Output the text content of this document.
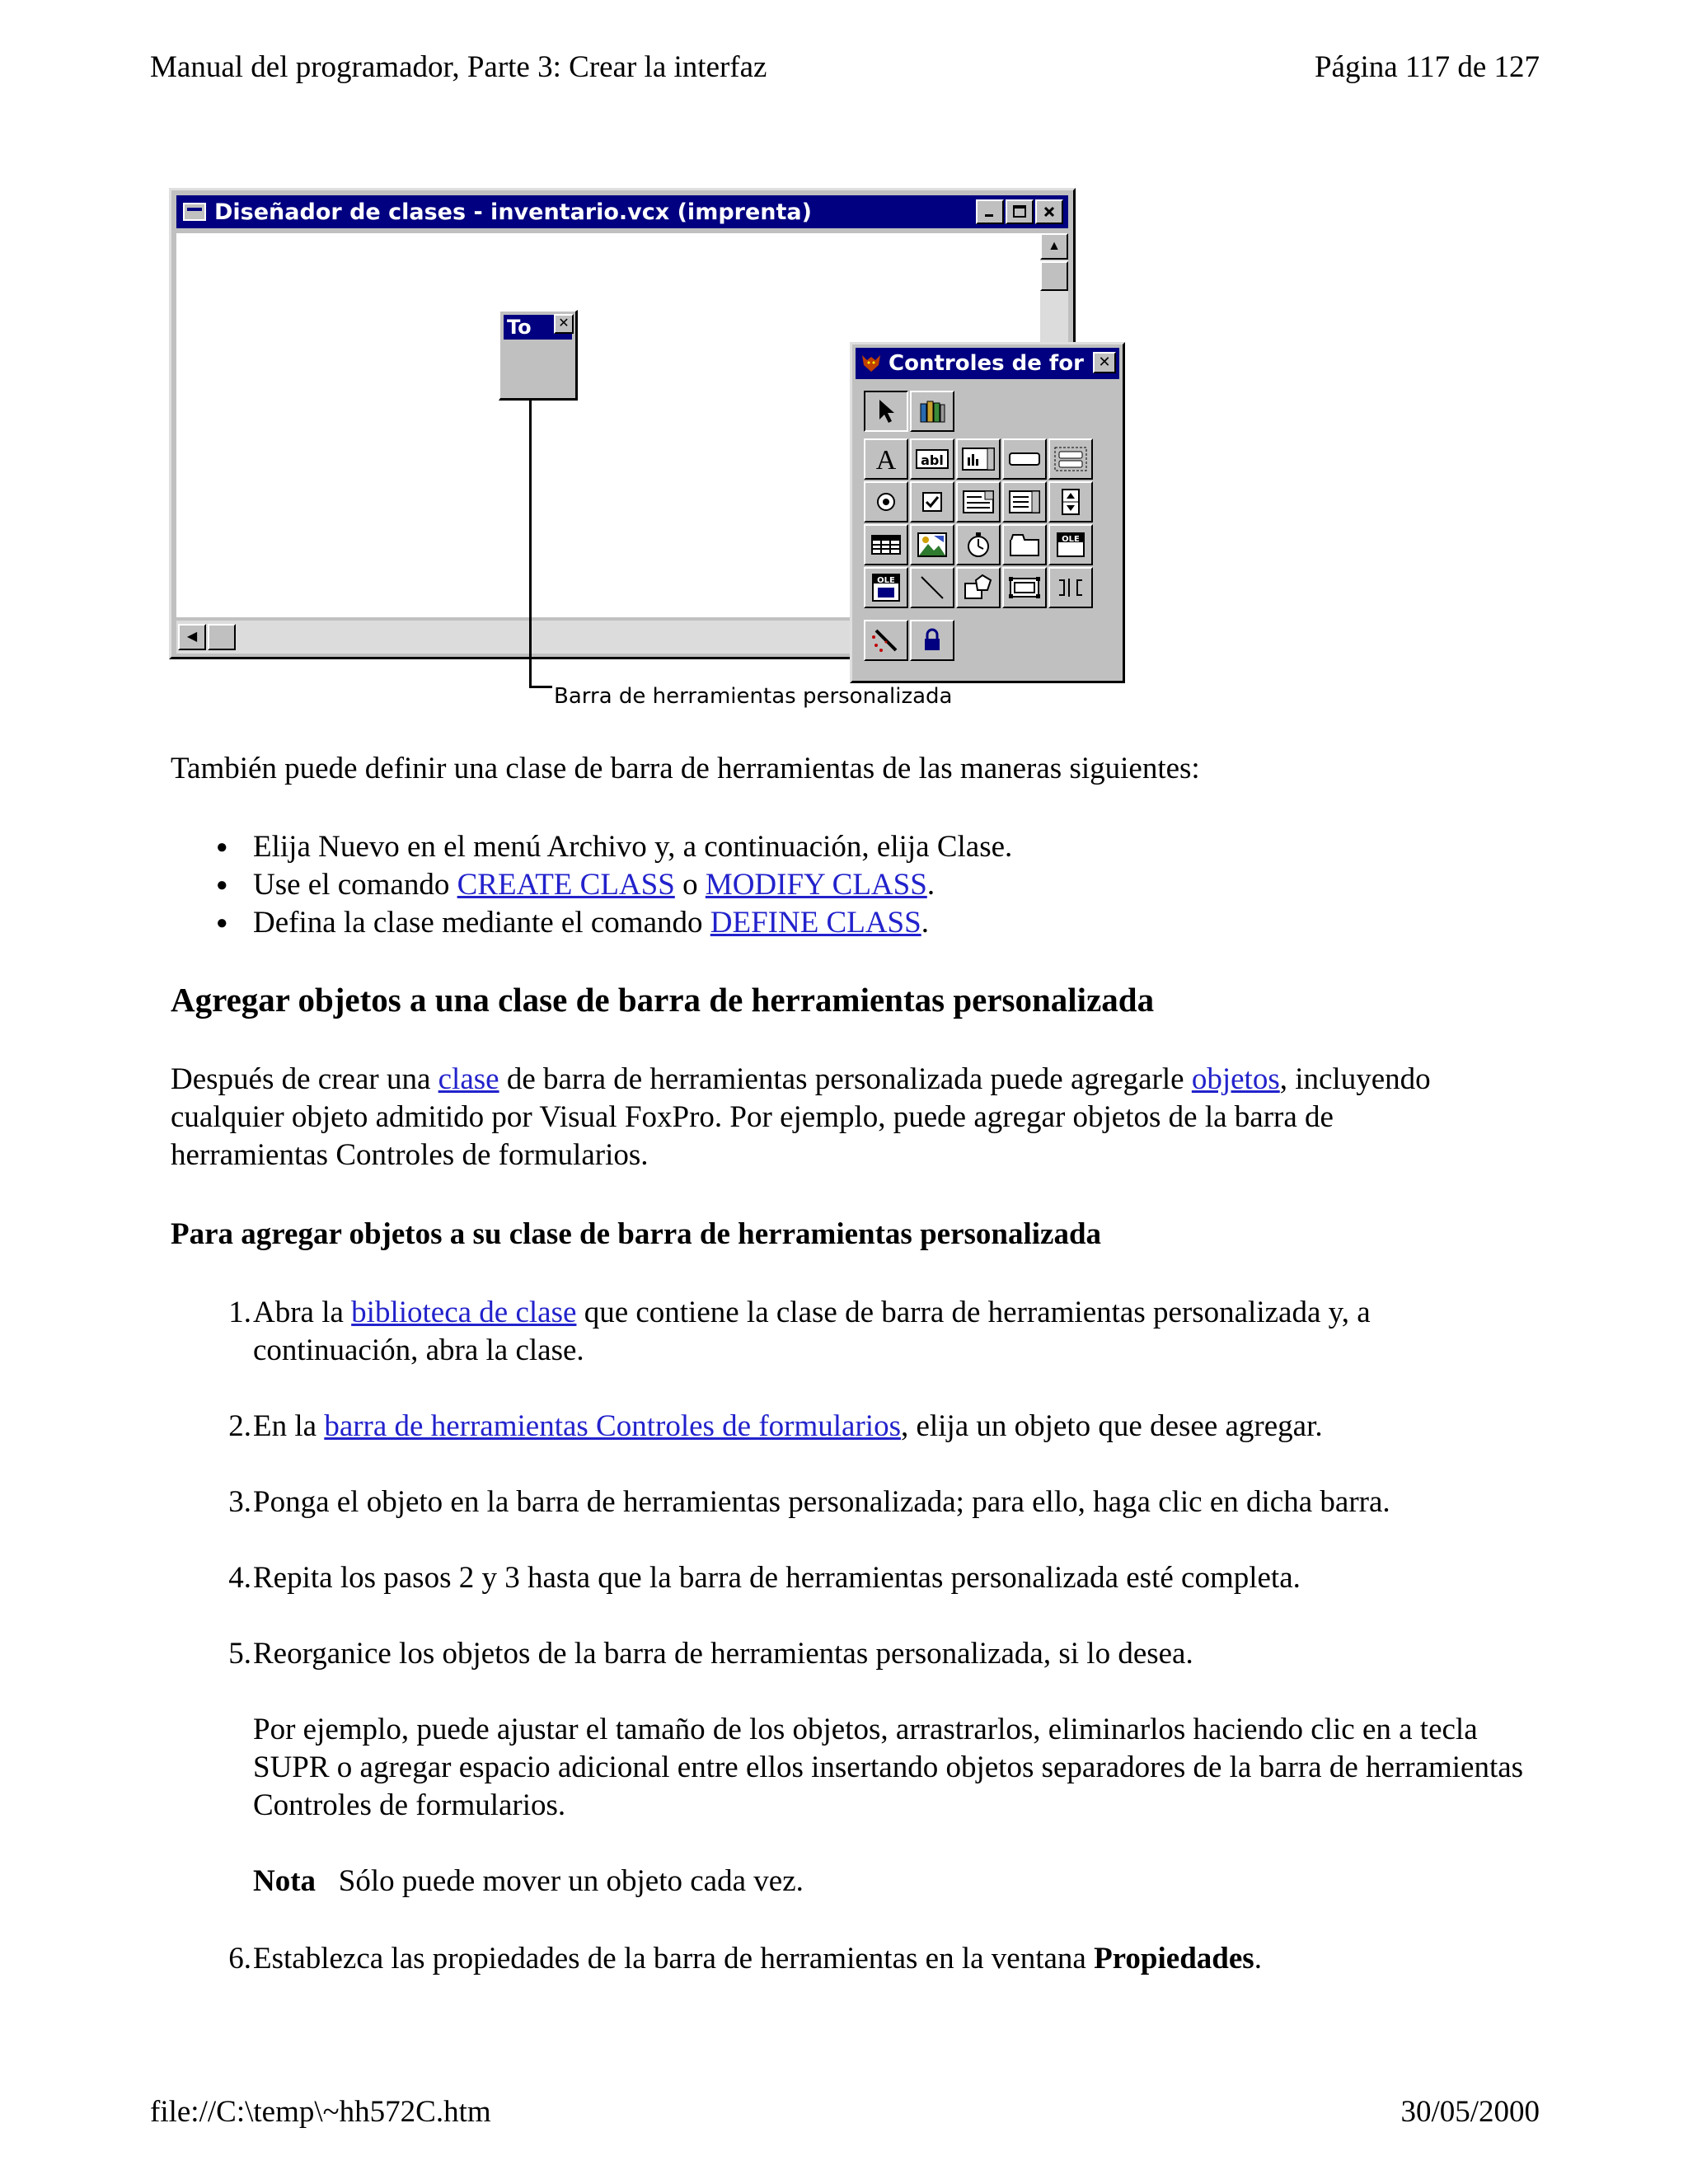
Manual del programador, Parte 3: Crear la interfaz	Página 117 de 127
Diseñador de clases - inventario.vcx (imprenta)
▲
◀
To	✕
Barra de herramientas personalizada
Controles de for ✕
A abl
OLE
OLE
También puede definir una clase de barra de herramientas de las maneras siguientes:
● Elija Nuevo en el menú Archivo y, a continuación, elija Clase.
● Use el comando CREATE CLASS o MODIFY CLASS.
● Defina la clase mediante el comando DEFINE CLASS.
Agregar objetos a una clase de barra de herramientas personalizada
Después de crear una clase de barra de herramientas personalizada puede agregarle objetos, incluyendo cualquier objeto admitido por Visual FoxPro. Por ejemplo, puede agregar objetos de la barra de herramientas Controles de formularios.
Para agregar objetos a su clase de barra de herramientas personalizada
1. Abra la biblioteca de clase que contiene la clase de barra de herramientas personalizada y, a continuación, abra la clase.
2. En la barra de herramientas Controles de formularios, elija un objeto que desee agregar.
3. Ponga el objeto en la barra de herramientas personalizada; para ello, haga clic en dicha barra.
4. Repita los pasos 2 y 3 hasta que la barra de herramientas personalizada esté completa.
5. Reorganice los objetos de la barra de herramientas personalizada, si lo desea.
Por ejemplo, puede ajustar el tamaño de los objetos, arrastrarlos, eliminarlos haciendo clic en a tecla SUPR o agregar espacio adicional entre ellos insertando objetos separadores de la barra de herramientas Controles de formularios.
Nota Sólo puede mover un objeto cada vez.
6. Establezca las propiedades de la barra de herramientas en la ventana Propiedades.
file://C:\temp\~hh572C.htm	30/05/2000
